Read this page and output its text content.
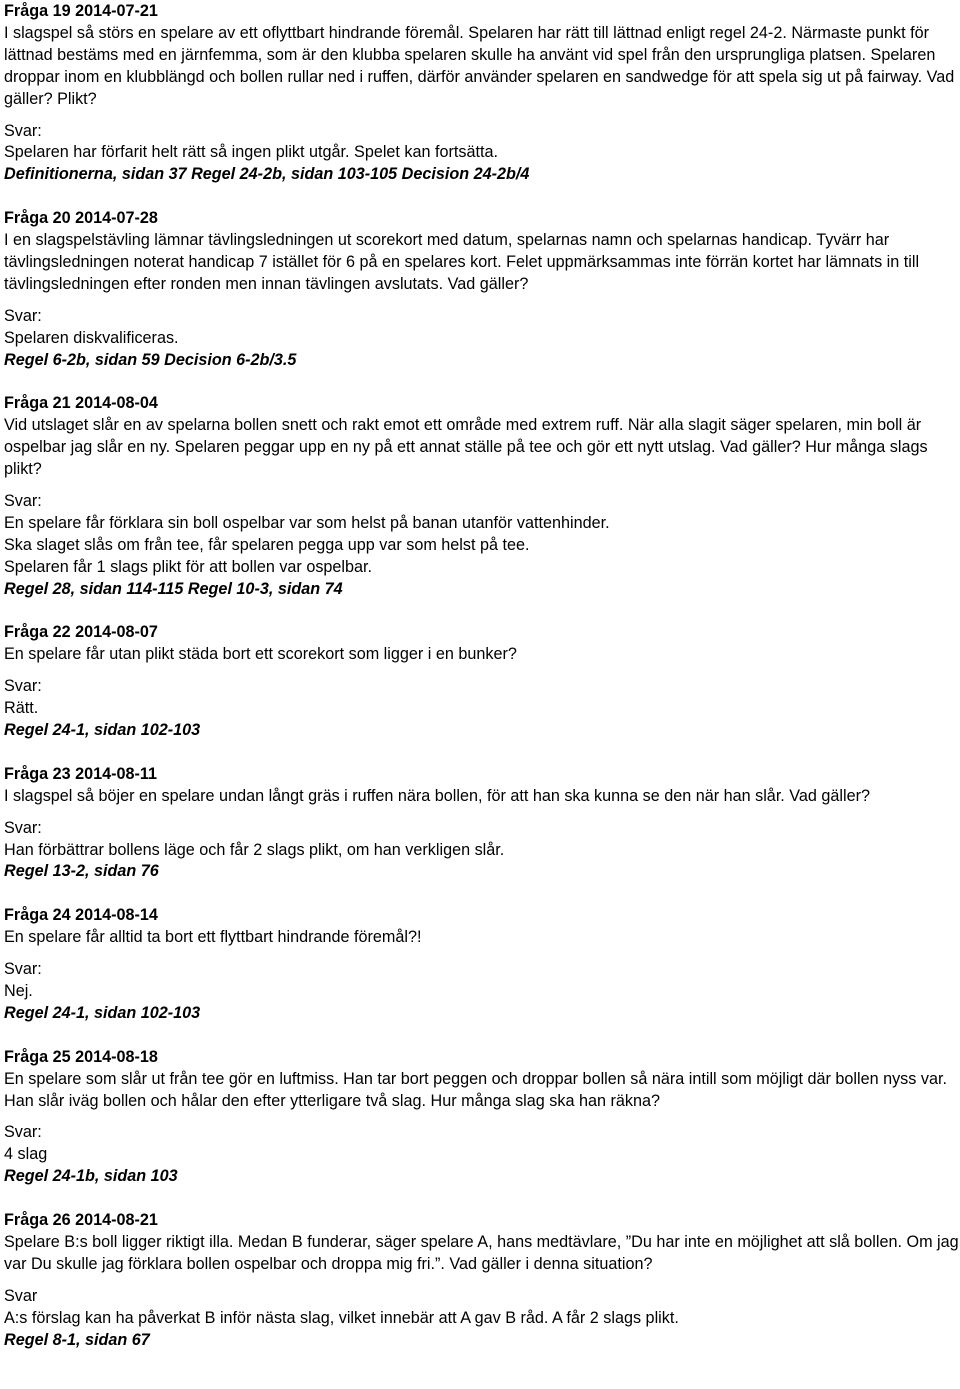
Fråga 19 2014-07-21

I slagspel så störs en spelare av ett oflyttbart hindrande föremål. Spelaren har rätt till lättnad enligt regel 24-2. Närmaste punkt för lättnad bestäms med en järnfemma, som är den klubba spelaren skulle ha använt vid spel från den ursprungliga platsen. Spelaren droppar inom en klubblängd och bollen rullar ned i ruffen, därför använder spelaren en sandwedge för att spela sig ut på fairway. Vad gäller? Plikt?

Svar:

Spelaren har förfarit helt rätt så ingen plikt utgår. Spelet kan fortsätta.

Definitionerna, sidan 37 Regel 24-2b, sidan 103-105 Decision 24-2b/4

Fråga 20 2014-07-28

I en slagspelstävling lämnar tävlingsledningen ut scorekort med datum, spelarnas namn och spelarnas handicap. Tyvärr har tävlingsledningen noterat handicap 7 istället för 6 på en spelares kort. Felet uppmärksammas inte förrän kortet har lämnats in till tävlingsledningen efter ronden men innan tävlingen avslutats. Vad gäller?

Svar:

Spelaren diskvalificeras.

Regel 6-2b, sidan 59 Decision 6-2b/3.5

Fråga 21 2014-08-04

Vid utslaget slår en av spelarna bollen snett och rakt emot ett område med extrem ruff. När alla slagit säger spelaren, min boll är ospelbar jag slår en ny. Spelaren peggar upp en ny på ett annat ställe på tee och gör ett nytt utslag. Vad gäller? Hur många slags plikt?

Svar:

En spelare får förklara sin boll ospelbar var som helst på banan utanför vattenhinder.

Ska slaget slås om från tee, får spelaren pegga upp var som helst på tee.

Spelaren får 1 slags plikt för att bollen var ospelbar.

Regel 28, sidan 114-115 Regel 10-3, sidan 74

Fråga 22 2014-08-07

En spelare får utan plikt städa bort ett scorekort som ligger i en bunker?

Svar:

Rätt.

Regel 24-1, sidan 102-103

Fråga 23 2014-08-11

I slagspel så böjer en spelare undan långt gräs i ruffen nära bollen, för att han ska kunna se den när han slår. Vad gäller?

Svar:

Han förbättrar bollens läge och får 2 slags plikt, om han verkligen slår.

Regel 13-2, sidan 76

Fråga 24 2014-08-14

En spelare får alltid ta bort ett flyttbart hindrande föremål?!

Svar:

Nej.

Regel 24-1, sidan 102-103

Fråga 25 2014-08-18

En spelare som slår ut från tee gör en luftmiss. Han tar bort peggen och droppar bollen så nära intill som möjligt där bollen nyss var. Han slår iväg bollen och hålar den efter ytterligare två slag. Hur många slag ska han räkna?

Svar:

4 slag

Regel 24-1b, sidan 103

Fråga 26 2014-08-21

Spelare B:s boll ligger riktigt illa. Medan B funderar, säger spelare A, hans medtävlare, ”Du har inte en möjlighet att slå bollen. Om jag var Du skulle jag förklara bollen ospelbar och droppa mig fri.”. Vad gäller i denna situation?

Svar

A:s förslag kan ha påverkat B inför nästa slag, vilket innebär att A gav B råd. A får 2 slags plikt.

Regel 8-1, sidan 67
